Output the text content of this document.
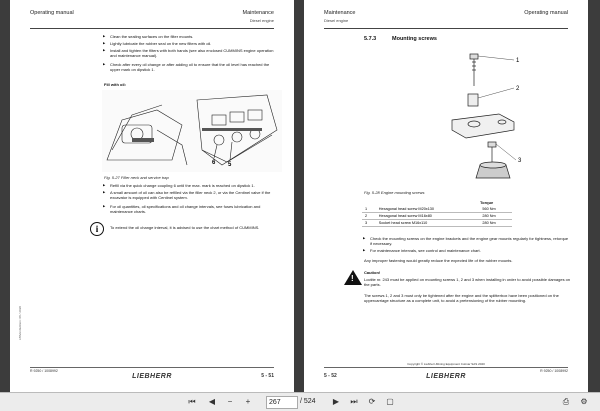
Operating manual	Maintenance
Diesel engine
▶ Clean the sealing surfaces on the filter mounts.
▶ Lightly lubricate the rubber seal on the new filters with oil.
▶ Install and tighten the filters with both hands (see also enclosed CUMMINS engine operation and maintenance manual).
▶ Check after every oil change or after adding oil to ensure that the oil level has reached the upper mark on dipstick 1.
Fill with oil:
6 5
Fig. 5-27 Filler neck and service trap
▶ Refill via the quick change coupling 6 until the max. mark is reached on dipstick 1.
▶ A small amount of oil can also be refilled via the filler neck 2, or via the Centinel valve if the excavator is equipped with Centinel system.
▶ For oil quantities, oil specifications and oil change intervals, see fuses lubrication and maintenance charts.
i	To extend the oil change interval, it is advised to use the chart method of CUMMINS.
LBS/en/Edition: 08 / 2020
R 9250 / 1008992
LIEBHERR	5 - 51
Maintenance	Operating manual
Diesel engine
5.7.3	Mounting screws
1
2
3
Fig. 5-28 Engine mounting screws
Torque
1	Hexagonal head screw M20x130	560 Nm
2	Hexagonal head screw M16x80	280 Nm
3	Socket head screw M16x110	280 Nm
▶ Check the mounting screws on the engine brackets and the engine gear mounts regularly for tightness, retorque if necessary.
▶ For maintenance intervals, see control and maintenance chart.
Any improper fastening would greatly reduce the expected life of the rubber mounts.
!
Caution!
Loctite nr. 243 must be applied on mounting screws 1, 2 and 3 when installing in order to avoid possible damages on the parts.
The screws 1, 2 and 3 must only be tightened after the engine and the splitterbox have been positioned on the uppercarriage structure as a complete unit, to avoid a pretensioning of the rubber mounting.
5 - 52
Copyright © Liebherr-Mining Equipment Colmar SAS 2020
LIEBHERR
R 9250 / 1008992
⏮	◀	−	+	267	/ 524	▶	⏭	⟳	▢	⎙	⚙
